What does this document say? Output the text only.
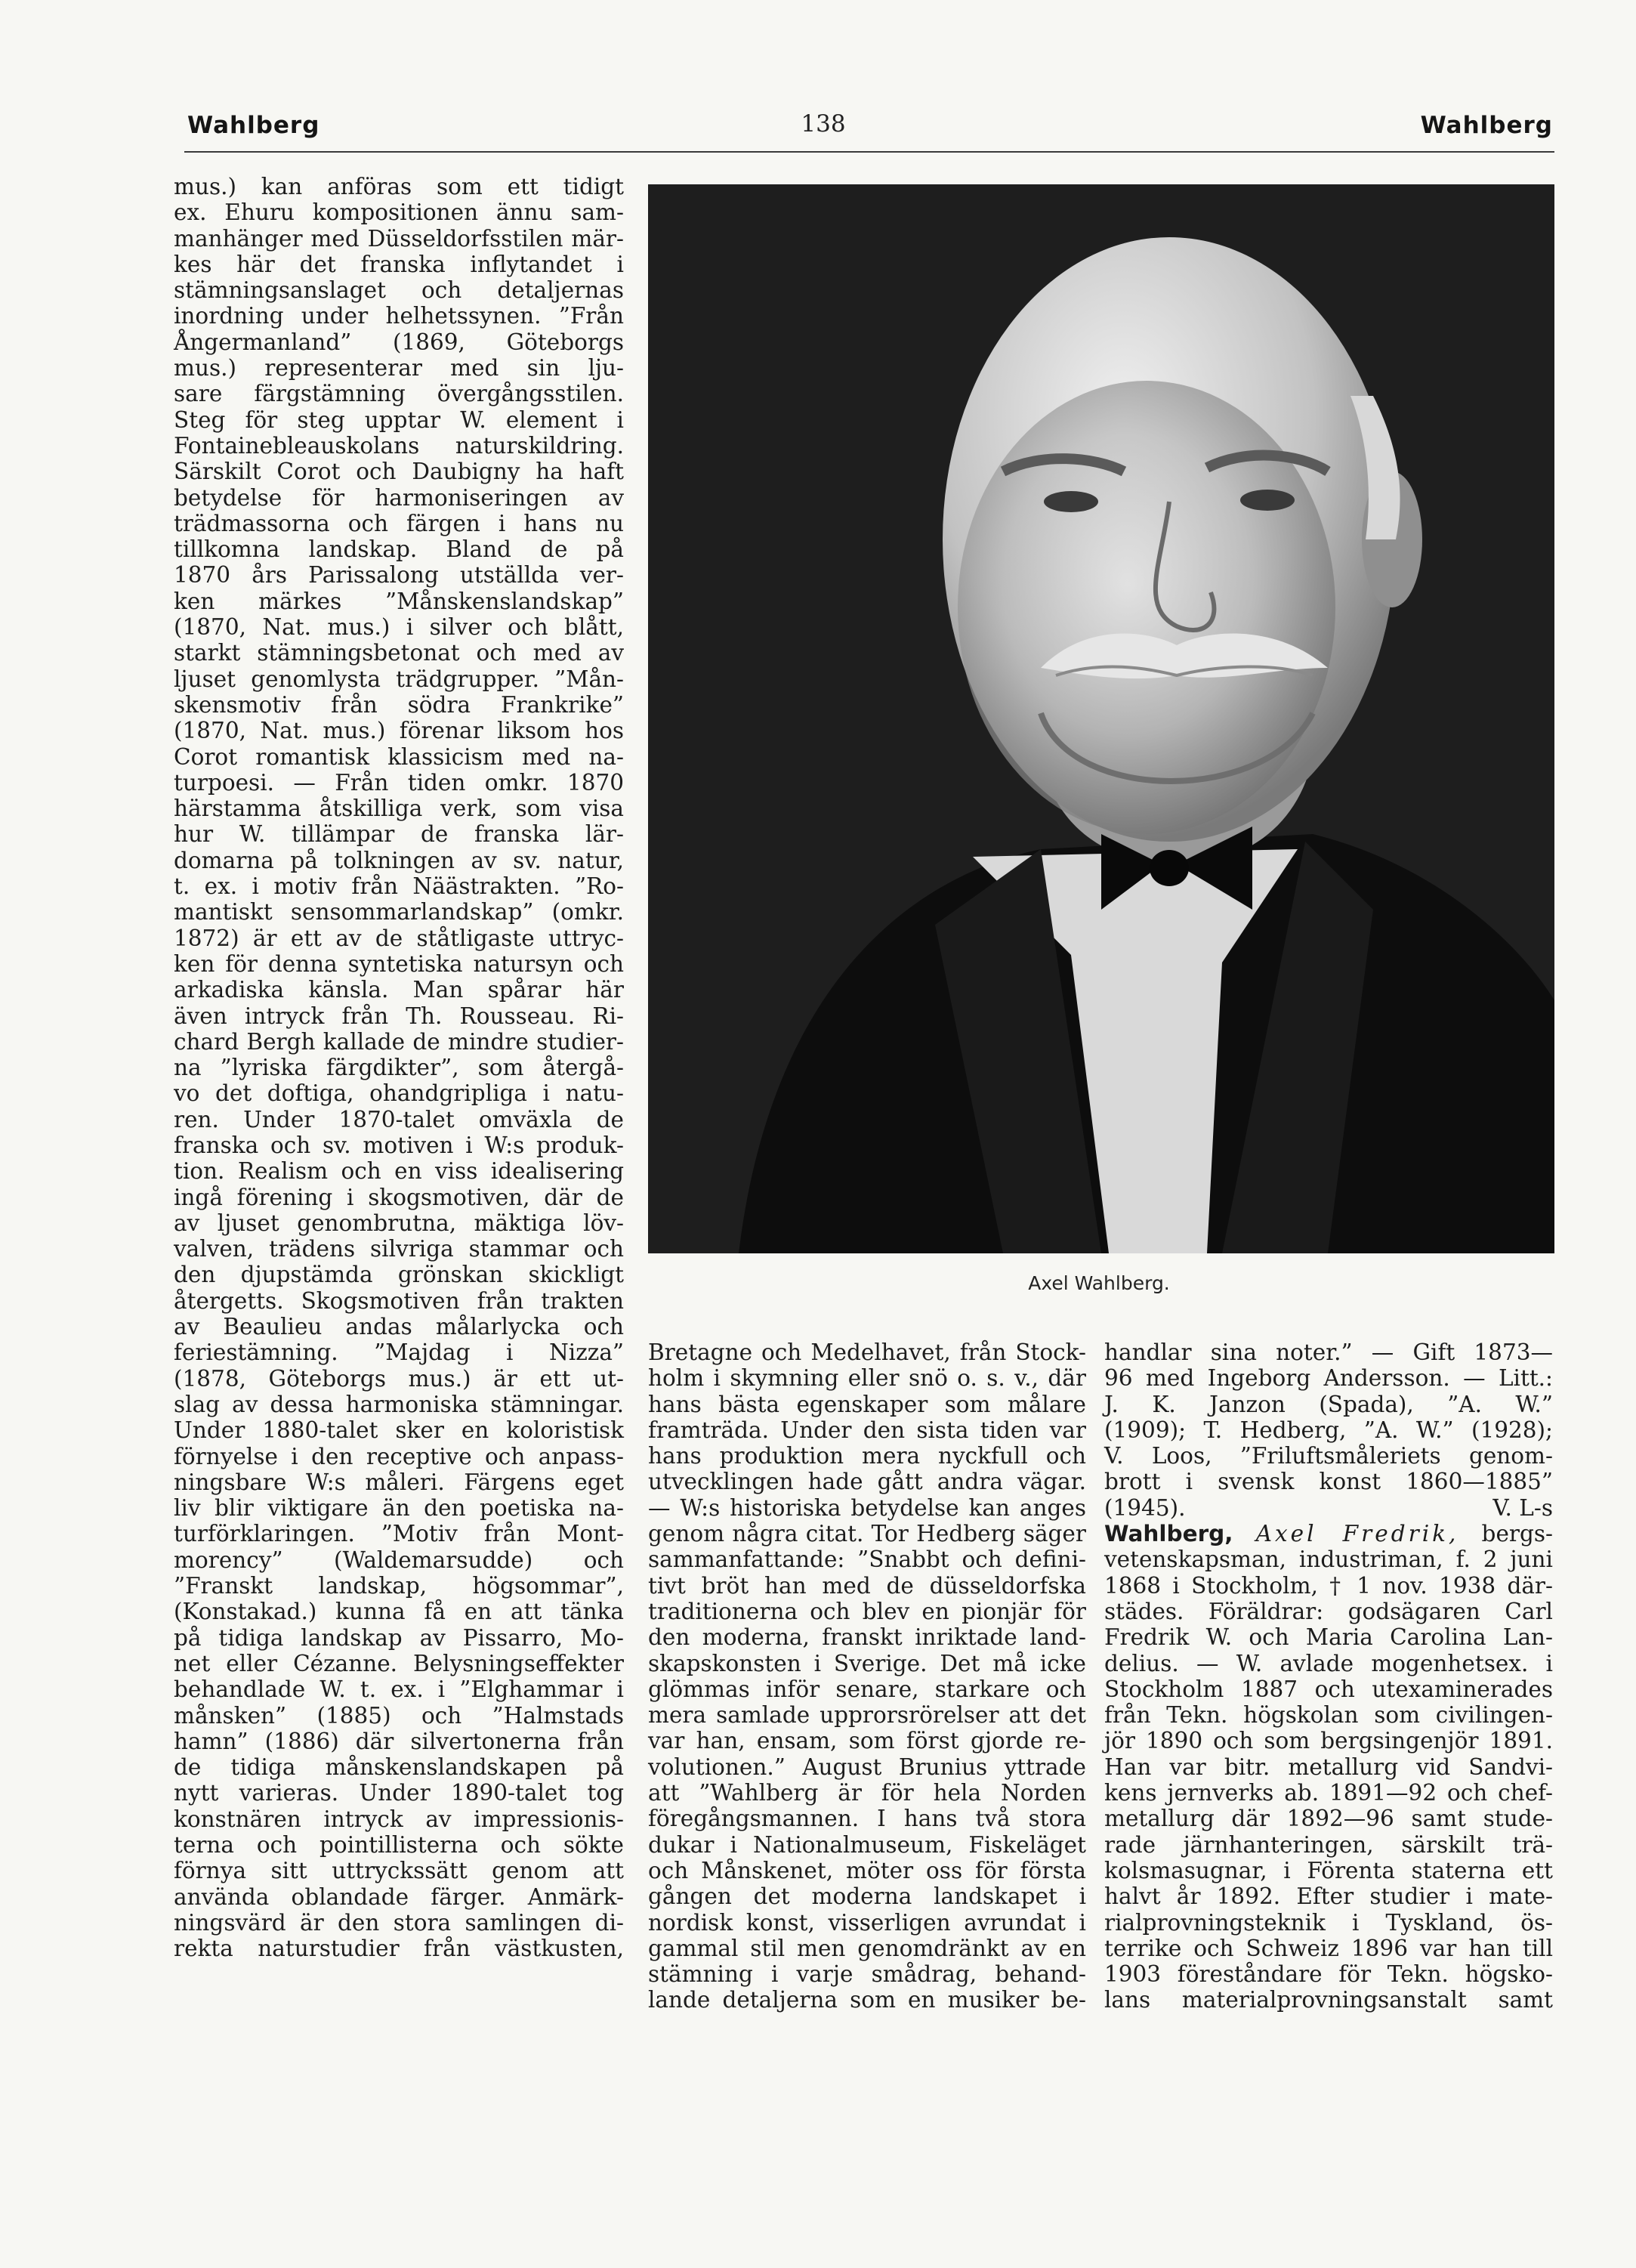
Wahlberg	138	Wahlberg

mus.) kan anföras som ett tidigt

ex. Ehuru kompositionen ännu sam-

manhänger med Düsseldorfsstilen mär-

kes här det franska inflytandet i

stämningsanslaget och detaljernas

inordning under helhetssynen. ”Från

Ångermanland” (1869, Göteborgs

mus.) representerar med sin lju-

sare färgstämning övergångsstilen.

Steg för steg upptar W. element i

Fontainebleauskolans naturskildring.

Särskilt Corot och Daubigny ha haft

betydelse för harmoniseringen av

trädmassorna och färgen i hans nu

tillkomna landskap. Bland de på

1870 års Parissalong utställda ver-

ken märkes ”Månskenslandskap”

(1870, Nat. mus.) i silver och blått,

starkt stämningsbetonat och med av

ljuset genomlysta trädgrupper. ”Mån-

skensmotiv från södra Frankrike”

(1870, Nat. mus.) förenar liksom hos

Corot romantisk klassicism med na-

turpoesi. — Från tiden omkr. 1870

härstamma åtskilliga verk, som visa

hur W. tillämpar de franska lär-

domarna på tolkningen av sv. natur,

t. ex. i motiv från Näästrakten. ”Ro-

mantiskt sensommarlandskap” (omkr.

1872) är ett av de ståtligaste uttryc-

ken för denna syntetiska natursyn och

arkadiska känsla. Man spårar här

även intryck från Th. Rousseau. Ri-

chard Bergh kallade de mindre studier-

na ”lyriska färgdikter”, som återgå-

vo det doftiga, ohandgripliga i natu-

ren. Under 1870-talet omväxla de

franska och sv. motiven i W:s produk-

tion. Realism och en viss idealisering

ingå förening i skogsmotiven, där de

av ljuset genombrutna, mäktiga löv-

valven, trädens silvriga stammar och

den djupstämda grönskan skickligt

återgetts. Skogsmotiven från trakten

av Beaulieu andas målarlycka och

feriestämning. ”Majdag i Nizza”

(1878, Göteborgs mus.) är ett ut-

slag av dessa harmoniska stämningar.

Under 1880-talet sker en koloristisk

förnyelse i den receptive och anpass-

ningsbare W:s måleri. Färgens eget

liv blir viktigare än den poetiska na-

turförklaringen. ”Motiv från Mont-

morency” (Waldemarsudde) och

”Franskt landskap, högsommar”,

(Konstakad.) kunna få en att tänka

på tidiga landskap av Pissarro, Mo-

net eller Cézanne. Belysningseffekter

behandlade W. t. ex. i ”Elghammar i

månsken” (1885) och ”Halmstads

hamn” (1886) där silvertonerna från

de tidiga månskenslandskapen på

nytt varieras. Under 1890-talet tog

konstnären intryck av impressionis-

terna och pointillisterna och sökte

förnya sitt uttryckssätt genom att

använda oblandade färger. Anmärk-

ningsvärd är den stora samlingen di-

rekta naturstudier från västkusten,

Axel Wahlberg.

Bretagne och Medelhavet, från Stock-

holm i skymning eller snö o. s. v., där

hans bästa egenskaper som målare

framträda. Under den sista tiden var

hans produktion mera nyckfull och

utvecklingen hade gått andra vägar.

— W:s historiska betydelse kan anges

genom några citat. Tor Hedberg säger

sammanfattande: ”Snabbt och defini-

tivt bröt han med de düsseldorfska

traditionerna och blev en pionjär för

den moderna, franskt inriktade land-

skapskonsten i Sverige. Det må icke

glömmas inför senare, starkare och

mera samlade upprorsrörelser att det

var han, ensam, som först gjorde re-

volutionen.” August Brunius yttrade

att ”Wahlberg är för hela Norden

föregångsmannen. I hans två stora

dukar i Nationalmuseum, Fiskeläget

och Månskenet, möter oss för första

gången det moderna landskapet i

nordisk konst, visserligen avrundat i

gammal stil men genomdränkt av en

stämning i varje smådrag, behand-

lande detaljerna som en musiker be-

handlar sina noter.” — Gift 1873—

96 med Ingeborg Andersson. — Litt.:

J. K. Janzon (Spada), ”A. W.”

(1909); T. Hedberg, ”A. W.” (1928);

V. Loos, ”Friluftsmåleriets genom-

brott i svensk konst 1860—1885”

(1945).	V. L-s

Wahlberg, Axel Fredrik, bergs-

vetenskapsman, industriman, f. 2 juni

1868 i Stockholm, † 1 nov. 1938 där-

städes. Föräldrar: godsägaren Carl

Fredrik W. och Maria Carolina Lan-

delius. — W. avlade mogenhetsex. i

Stockholm 1887 och utexaminerades

från Tekn. högskolan som civilingen-

jör 1890 och som bergsingenjör 1891.

Han var bitr. metallurg vid Sandvi-

kens jernverks ab. 1891—92 och chef-

metallurg där 1892—96 samt stude-

rade järnhanteringen, särskilt trä-

kolsmasugnar, i Förenta staterna ett

halvt år 1892. Efter studier i mate-

rialprovningsteknik i Tyskland, ös-

terrike och Schweiz 1896 var han till

1903 föreståndare för Tekn. högsko-

lans materialprovningsanstalt samt
